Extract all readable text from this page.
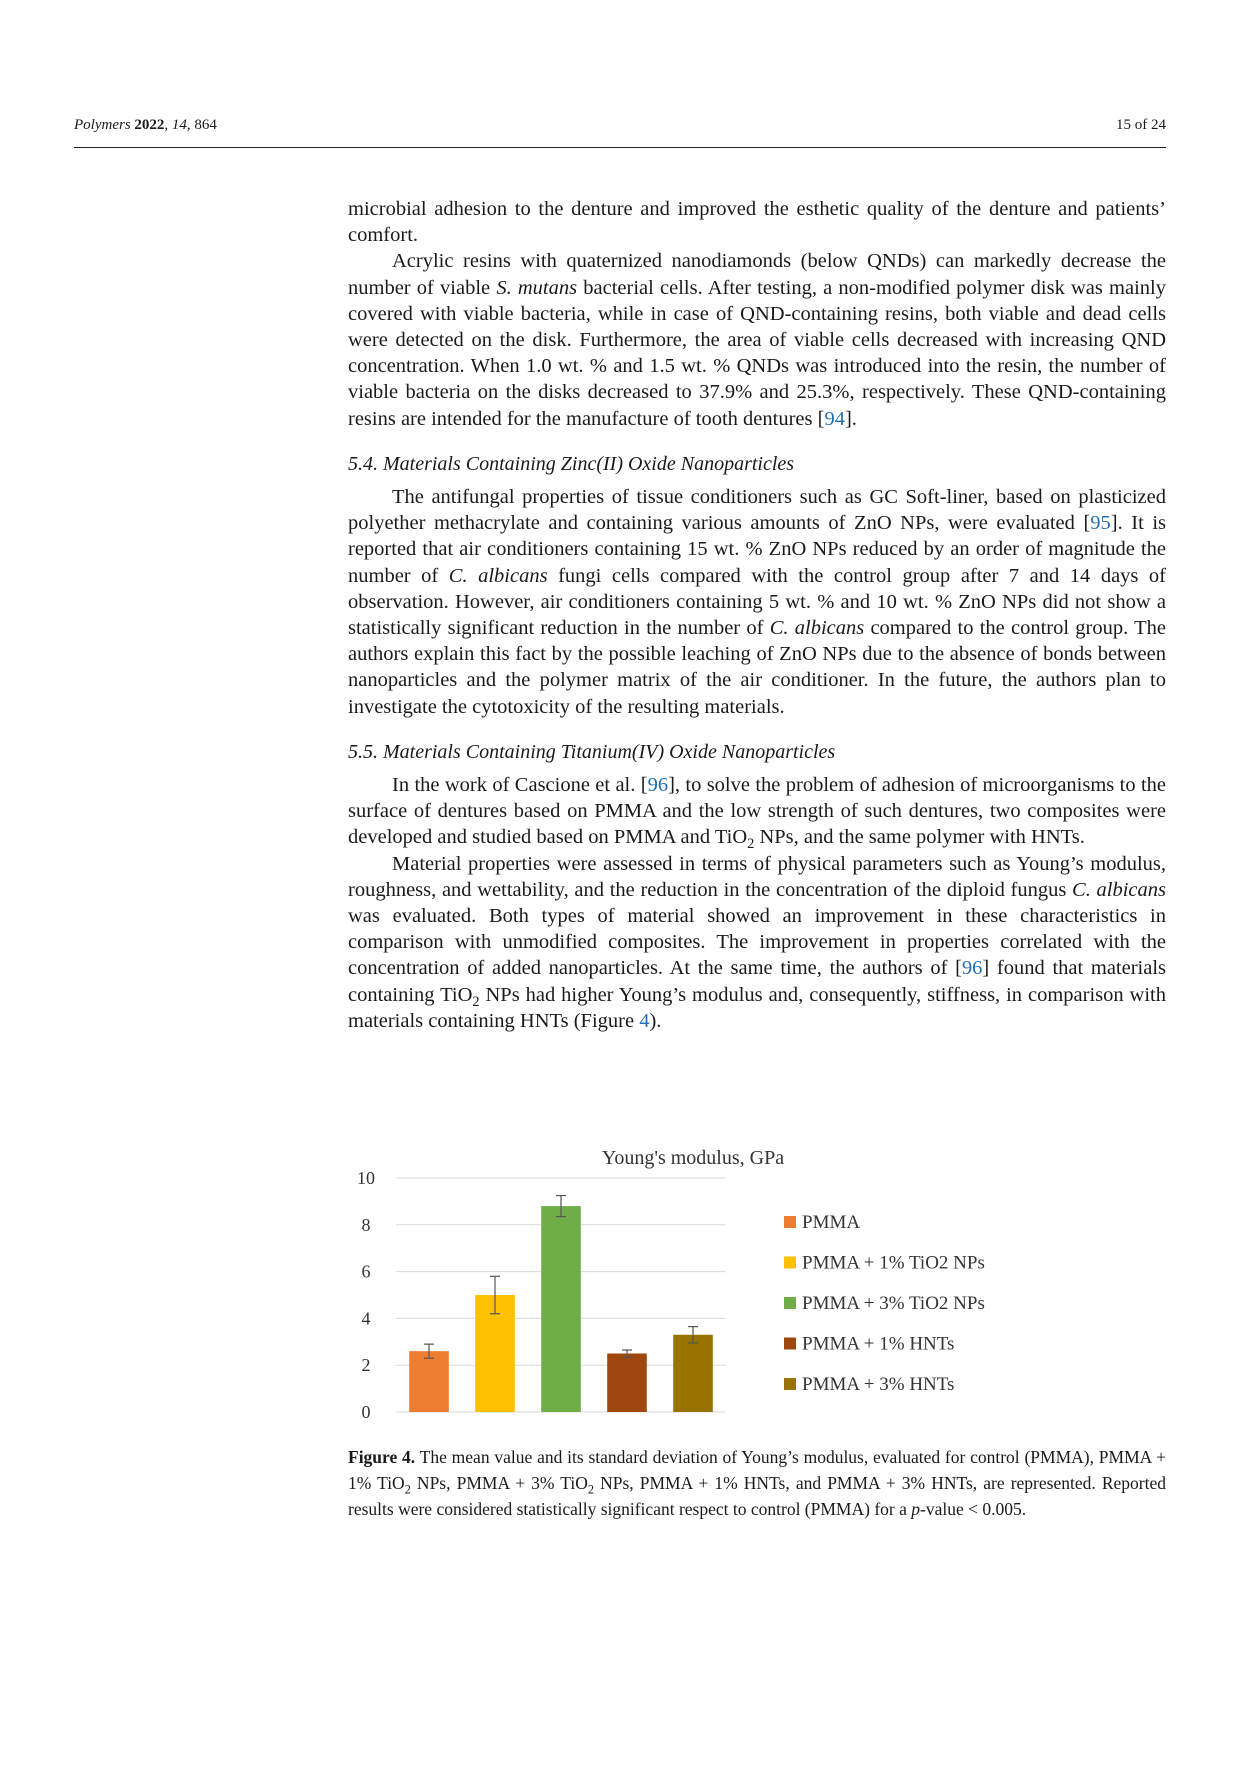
Polymers 2022, 14, 864	15 of 24

microbial adhesion to the denture and improved the esthetic quality of the denture and patients’ comfort.

Acrylic resins with quaternized nanodiamonds (below QNDs) can markedly decrease the number of viable S. mutans bacterial cells. After testing, a non-modified polymer disk was mainly covered with viable bacteria, while in case of QND-containing resins, both viable and dead cells were detected on the disk. Furthermore, the area of viable cells decreased with increasing QND concentration. When 1.0 wt. % and 1.5 wt. % QNDs was introduced into the resin, the number of viable bacteria on the disks decreased to 37.9% and 25.3%, respectively. These QND-containing resins are intended for the manufacture of tooth dentures [94].

5.4. Materials Containing Zinc(II) Oxide Nanoparticles

The antifungal properties of tissue conditioners such as GC Soft-liner, based on plasticized polyether methacrylate and containing various amounts of ZnO NPs, were evaluated [95]. It is reported that air conditioners containing 15 wt. % ZnO NPs reduced by an order of magnitude the number of C. albicans fungi cells compared with the control group after 7 and 14 days of observation. However, air conditioners containing 5 wt. % and 10 wt. % ZnO NPs did not show a statistically significant reduction in the number of C. albicans compared to the control group. The authors explain this fact by the possible leaching of ZnO NPs due to the absence of bonds between nanoparticles and the polymer matrix of the air conditioner. In the future, the authors plan to investigate the cytotoxicity of the resulting materials.

5.5. Materials Containing Titanium(IV) Oxide Nanoparticles

In the work of Cascione et al. [96], to solve the problem of adhesion of microorganisms to the surface of dentures based on PMMA and the low strength of such dentures, two composites were developed and studied based on PMMA and TiO$_2$ NPs, and the same polymer with HNTs.

Material properties were assessed in terms of physical parameters such as Young’s modulus, roughness, and wettability, and the reduction in the concentration of the diploid fungus C. albicans was evaluated. Both types of material showed an improvement in these characteristics in comparison with unmodified composites. The improvement in properties correlated with the concentration of added nanoparticles. At the same time, the authors of [96] found that materials containing TiO$_2$ NPs had higher Young’s modulus and, consequently, stiffness, in comparison with materials containing HNTs (Figure 4).

Young's modulus, GPa
0
2
4
6
8
10
PMMA
PMMA + 1% TiO2 NPs
PMMA + 3% TiO2 NPs
PMMA + 1% HNTs
PMMA + 3% HNTs
Figure 4. The mean value and its standard deviation of Young’s modulus, evaluated for control (PMMA), PMMA + 1% TiO$_2$ NPs, PMMA + 3% TiO$_2$ NPs, PMMA + 1% HNTs, and PMMA + 3% HNTs, are represented. Reported results were considered statistically significant respect to control (PMMA) for a p-value < 0.005.
